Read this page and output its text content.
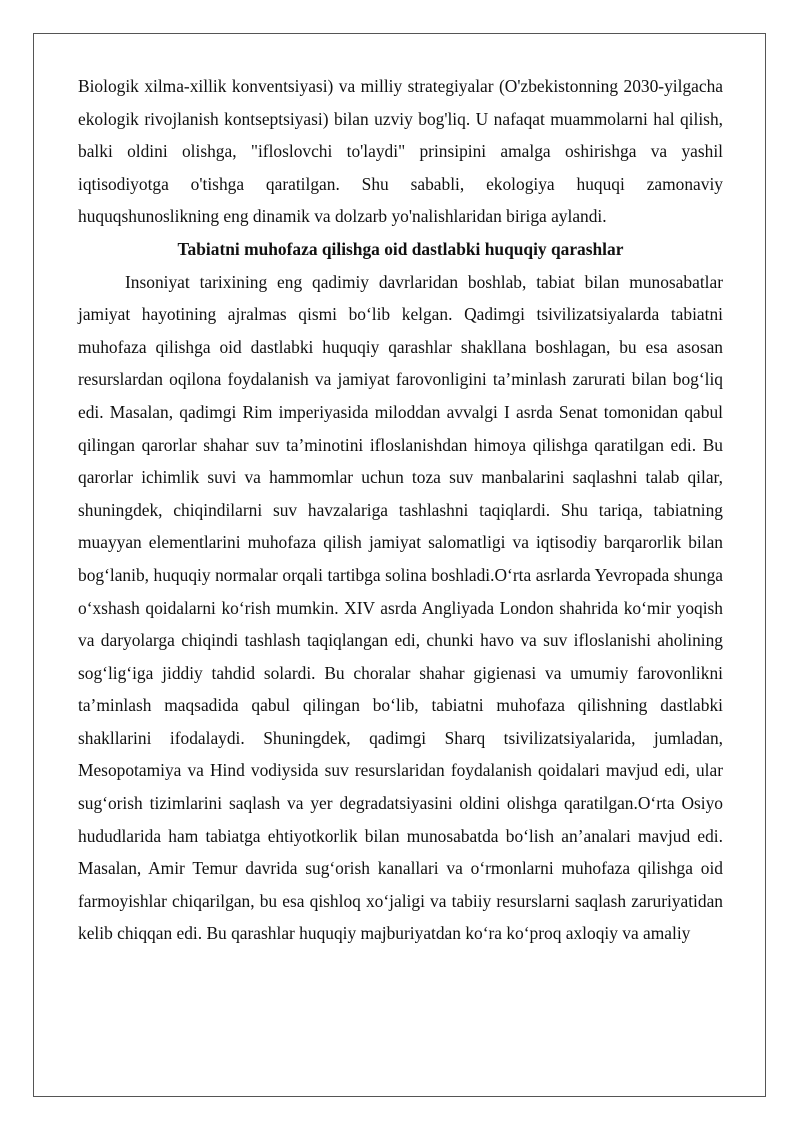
Biologik xilma-xillik konventsiyasi) va milliy strategiyalar (O'zbekistonning 2030-yilgacha ekologik rivojlanish kontseptsiyasi) bilan uzviy bog'liq. U nafaqat muammolarni hal qilish, balki oldini olishga, "ifloslovchi to'laydi" prinsipini amalga oshirishga va yashil iqtisodiyotga o'tishga qaratilgan. Shu sababli, ekologiya huquqi zamonaviy huquqshunoslikning eng dinamik va dolzarb yo'nalishlaridan biriga aylandi.

Tabiatni muhofaza qilishga oid dastlabki huquqiy qarashlar

Insoniyat tarixining eng qadimiy davrlaridan boshlab, tabiat bilan munosabatlar jamiyat hayotining ajralmas qismi bo‘lib kelgan. Qadimgi tsivilizatsiyalarda tabiatni muhofaza qilishga oid dastlabki huquqiy qarashlar shakllana boshlagan, bu esa asosan resurslardan oqilona foydalanish va jamiyat farovonligini ta’minlash zarurati bilan bog‘liq edi. Masalan, qadimgi Rim imperiyasida miloddan avvalgi I asrda Senat tomonidan qabul qilingan qarorlar shahar suv ta’minotini ifloslanishdan himoya qilishga qaratilgan edi. Bu qarorlar ichimlik suvi va hammomlar uchun toza suv manbalarini saqlashni talab qilar, shuningdek, chiqindilarni suv havzalariga tashlashni taqiqlardi. Shu tariqa, tabiatning muayyan elementlarini muhofaza qilish jamiyat salomatligi va iqtisodiy barqarorlik bilan bog‘lanib, huquqiy normalar orqali tartibga solina boshladi.O‘rta asrlarda Yevropada shunga o‘xshash qoidalarni ko‘rish mumkin. XIV asrda Angliyada London shahrida ko‘mir yoqish va daryolarga chiqindi tashlash taqiqlangan edi, chunki havo va suv ifloslanishi aholining sog‘lig‘iga jiddiy tahdid solardi. Bu choralar shahar gigienasi va umumiy farovonlikni ta’minlash maqsadida qabul qilingan bo‘lib, tabiatni muhofaza qilishning dastlabki shakllarini ifodalaydi. Shuningdek, qadimgi Sharq tsivilizatsiyalarida, jumladan, Mesopotamiya va Hind vodiysida suv resurslaridan foydalanish qoidalari mavjud edi, ular sug‘orish tizimlarini saqlash va yer degradatsiyasini oldini olishga qaratilgan.O‘rta Osiyo hududlarida ham tabiatga ehtiyotkorlik bilan munosabatda bo‘lish an’analari mavjud edi. Masalan, Amir Temur davrida sug‘orish kanallari va o‘rmonlarni muhofaza qilishga oid farmoyishlar chiqarilgan, bu esa qishloq xo‘jaligi va tabiiy resurslarni saqlash zaruriyatidan kelib chiqqan edi. Bu qarashlar huquqiy majburiyatdan ko‘ra ko‘proq axloqiy va amaliy
